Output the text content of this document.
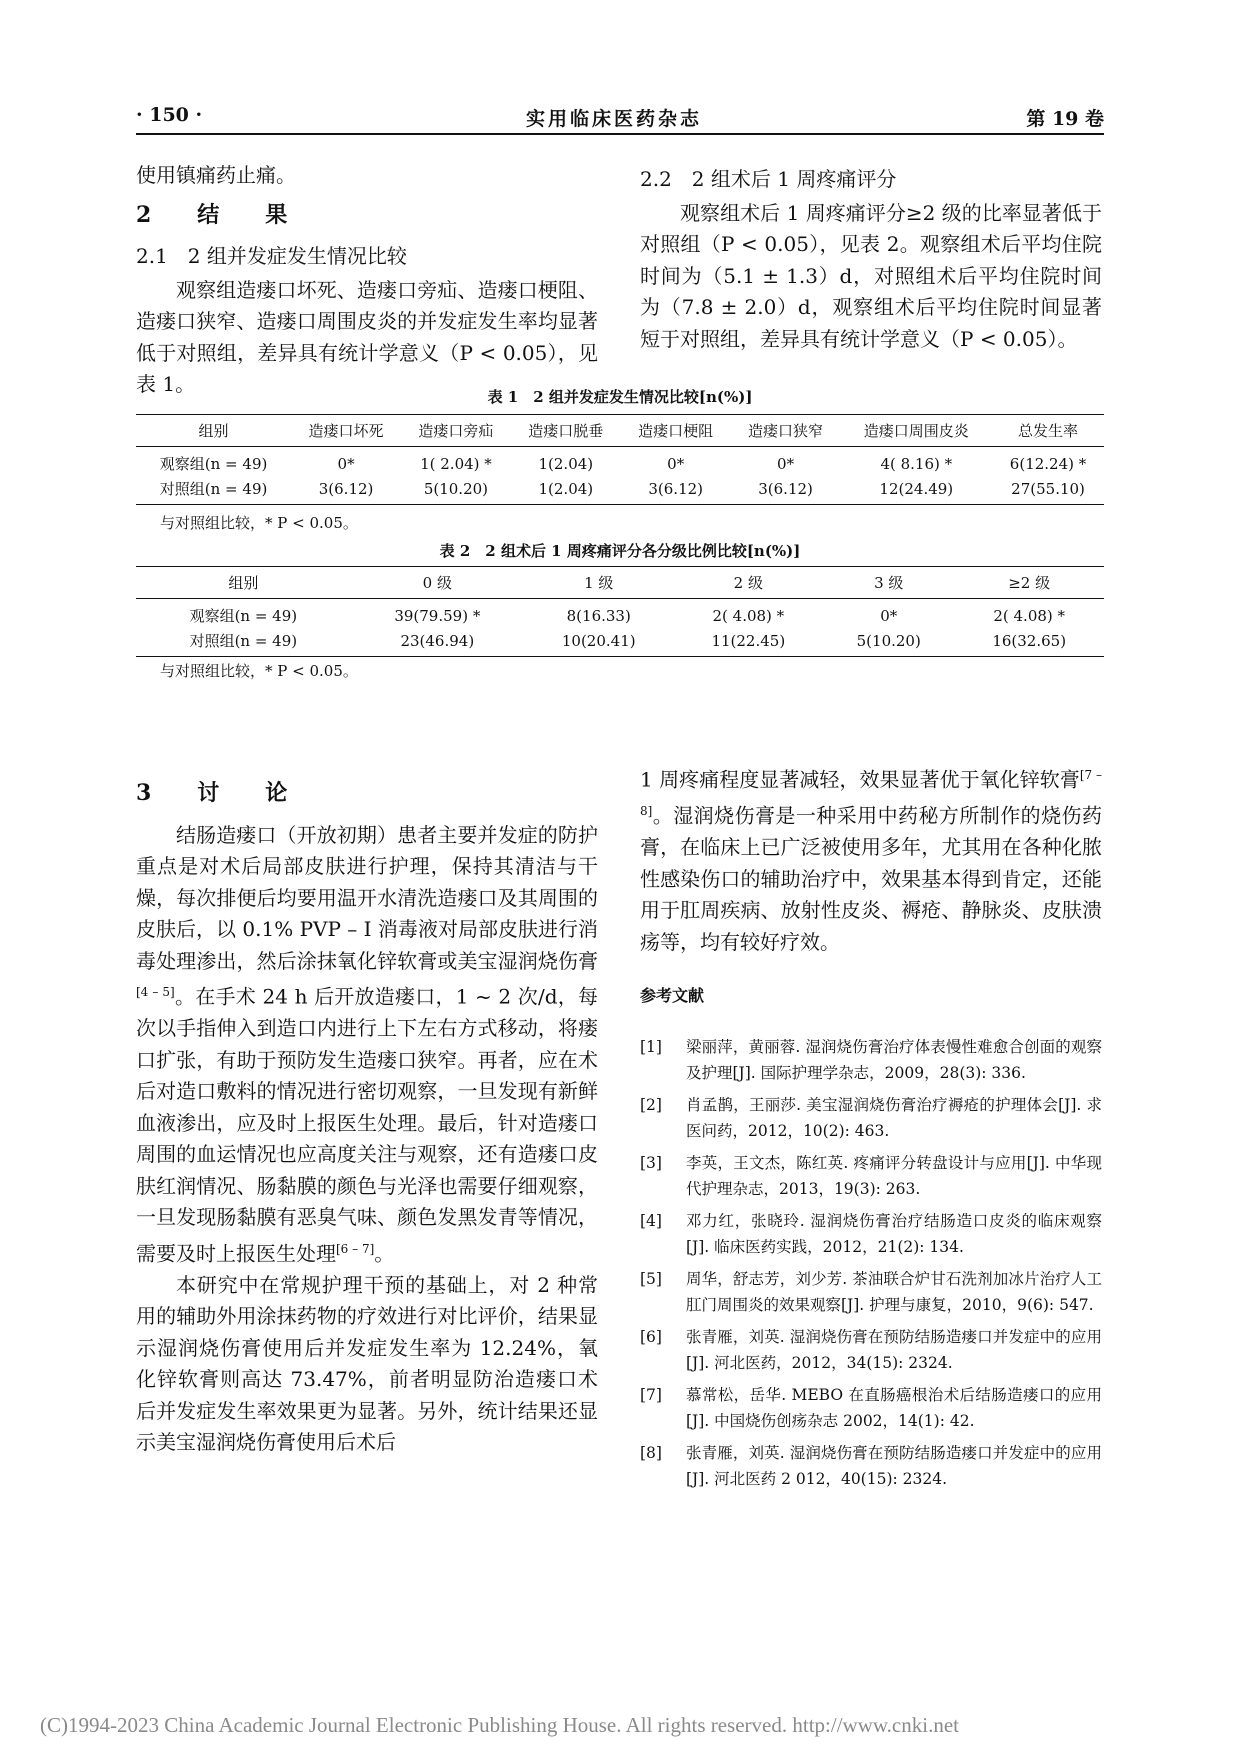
· 150 ·	实用临床医药杂志	第 19 卷

使用镇痛药止痛。

2　结　果
2.1　2 组并发症发生情况比较

观察组造瘘口坏死、造瘘口旁疝、造瘘口梗阻、造瘘口狭窄、造瘘口周围皮炎的并发症发生率均显著低于对照组，差异具有统计学意义（P < 0.05），见表 1。

2.2　2 组术后 1 周疼痛评分

观察组术后 1 周疼痛评分≥2 级的比率显著低于对照组（P < 0.05），见表 2。观察组术后平均住院时间为（5.1 ± 1.3）d，对照组术后平均住院时间为（7.8 ± 2.0）d，观察组术后平均住院时间显著短于对照组，差异具有统计学意义（P < 0.05）。

表 1　2 组并发症发生情况比较[n(%)]
组别	造瘘口坏死	造瘘口旁疝	造瘘口脱垂	造瘘口梗阻	造瘘口狭窄	造瘘口周围皮炎	总发生率
观察组(n = 49)	0*	1( 2.04) *	1(2.04)	0*	0*	4( 8.16) *	6(12.24) *
对照组(n = 49)	3(6.12)	5(10.20)	1(2.04)	3(6.12)	3(6.12)	12(24.49)	27(55.10)
与对照组比较，* P < 0.05。
表 2　2 组术后 1 周疼痛评分各分级比例比较[n(%)]
组别	0 级	1 级	2 级	3 级	≥2 级
观察组(n = 49)	39(79.59) *	8(16.33)	2( 4.08) *	0*	2( 4.08) *
对照组(n = 49)	23(46.94)	10(20.41)	11(22.45)	5(10.20)	16(32.65)
与对照组比较，* P < 0.05。
3　讨　论

结肠造瘘口（开放初期）患者主要并发症的防护重点是对术后局部皮肤进行护理，保持其清洁与干燥，每次排便后均要用温开水清洗造瘘口及其周围的皮肤后，以 0.1% PVP – I 消毒液对局部皮肤进行消毒处理渗出，然后涂抹氧化锌软膏或美宝湿润烧伤膏[4 – 5]。在手术 24 h 后开放造瘘口，1 ~ 2 次/d，每次以手指伸入到造口内进行上下左右方式移动，将瘘口扩张，有助于预防发生造瘘口狭窄。再者，应在术后对造口敷料的情况进行密切观察，一旦发现有新鲜血液渗出，应及时上报医生处理。最后，针对造瘘口周围的血运情况也应高度关注与观察，还有造瘘口皮肤红润情况、肠黏膜的颜色与光泽也需要仔细观察，一旦发现肠黏膜有恶臭气味、颜色发黑发青等情况，需要及时上报医生处理[6 – 7]。

本研究中在常规护理干预的基础上，对 2 种常用的辅助外用涂抹药物的疗效进行对比评价，结果显示湿润烧伤膏使用后并发症发生率为 12.24%，氧化锌软膏则高达 73.47%，前者明显防治造瘘口术后并发症发生率效果更为显著。另外，统计结果还显示美宝湿润烧伤膏使用后术后

1 周疼痛程度显著减轻，效果显著优于氧化锌软膏[7 – 8]。湿润烧伤膏是一种采用中药秘方所制作的烧伤药膏，在临床上已广泛被使用多年，尤其用在各种化脓性感染伤口的辅助治疗中，效果基本得到肯定，还能用于肛周疾病、放射性皮炎、褥疮、静脉炎、皮肤溃疡等，均有较好疗效。

参考文献
[1]	梁丽萍，黄丽蓉. 湿润烧伤膏治疗体表慢性难愈合创面的观察及护理[J]. 国际护理学杂志，2009，28(3): 336.
[2]	肖孟鹊，王丽莎. 美宝湿润烧伤膏治疗褥疮的护理体会[J]. 求医问药，2012，10(2): 463.
[3]	李英，王文杰，陈红英. 疼痛评分转盘设计与应用[J]. 中华现代护理杂志，2013，19(3): 263.
[4]	邓力红，张晓玲. 湿润烧伤膏治疗结肠造口皮炎的临床观察[J]. 临床医药实践，2012，21(2): 134.
[5]	周华，舒志芳，刘少芳. 茶油联合炉甘石洗剂加冰片治疗人工肛门周围炎的效果观察[J]. 护理与康复，2010，9(6): 547.
[6]	张青雁，刘英. 湿润烧伤膏在预防结肠造瘘口并发症中的应用[J]. 河北医药，2012，34(15): 2324.
[7]	慕常松，岳华. MEBO 在直肠癌根治术后结肠造瘘口的应用[J]. 中国烧伤创疡杂志 2002，14(1): 42.
[8]	张青雁，刘英. 湿润烧伤膏在预防结肠造瘘口并发症中的应用[J]. 河北医药 2 012，40(15): 2324.
(C)1994-2023 China Academic Journal Electronic Publishing House. All rights reserved. http://www.cnki.net
